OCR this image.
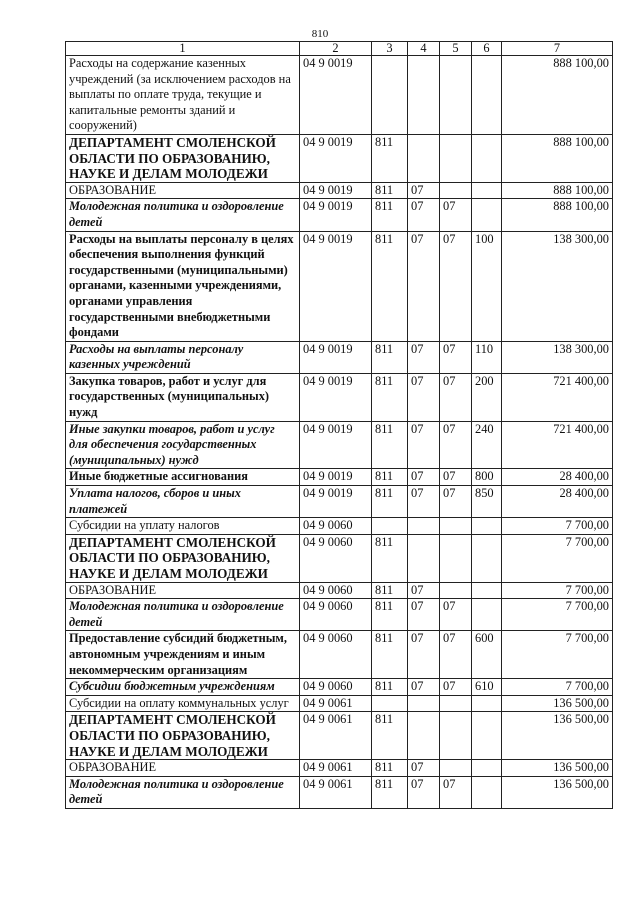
810
1	2	3	4	5	6	7
Расходы на содержание казенных учреждений (за исключением расходов на выплаты по оплате труда, текущие и капитальные ремонты зданий и сооружений)	04 9 0019					888 100,00
ДЕПАРТАМЕНТ СМОЛЕНСКОЙ ОБЛАСТИ ПО ОБРАЗОВАНИЮ, НАУКЕ И ДЕЛАМ МОЛОДЕЖИ	04 9 0019	811				888 100,00
ОБРАЗОВАНИЕ	04 9 0019	811	07			888 100,00
Молодежная политика и оздоровление детей	04 9 0019	811	07	07		888 100,00
Расходы на выплаты персоналу в целях обеспечения выполнения функций государственными (муниципальными) органами, казенными учреждениями, органами управления государственными внебюджетными фондами	04 9 0019	811	07	07	100	138 300,00
Расходы на выплаты персоналу казенных учреждений	04 9 0019	811	07	07	110	138 300,00
Закупка товаров, работ и услуг для государственных (муниципальных) нужд	04 9 0019	811	07	07	200	721 400,00
Иные закупки товаров, работ и услуг для обеспечения государственных (муниципальных) нужд	04 9 0019	811	07	07	240	721 400,00
Иные бюджетные ассигнования	04 9 0019	811	07	07	800	28 400,00
Уплата налогов, сборов и иных платежей	04 9 0019	811	07	07	850	28 400,00
Субсидии на уплату налогов	04 9 0060					7 700,00
ДЕПАРТАМЕНТ СМОЛЕНСКОЙ ОБЛАСТИ ПО ОБРАЗОВАНИЮ, НАУКЕ И ДЕЛАМ МОЛОДЕЖИ	04 9 0060	811				7 700,00
ОБРАЗОВАНИЕ	04 9 0060	811	07			7 700,00
Молодежная политика и оздоровление детей	04 9 0060	811	07	07		7 700,00
Предоставление субсидий бюджетным, автономным учреждениям и иным некоммерческим организациям	04 9 0060	811	07	07	600	7 700,00
Субсидии бюджетным учреждениям	04 9 0060	811	07	07	610	7 700,00
Субсидии на оплату коммунальных услуг	04 9 0061					136 500,00
ДЕПАРТАМЕНТ СМОЛЕНСКОЙ ОБЛАСТИ ПО ОБРАЗОВАНИЮ, НАУКЕ И ДЕЛАМ МОЛОДЕЖИ	04 9 0061	811				136 500,00
ОБРАЗОВАНИЕ	04 9 0061	811	07			136 500,00
Молодежная политика и оздоровление детей	04 9 0061	811	07	07		136 500,00
